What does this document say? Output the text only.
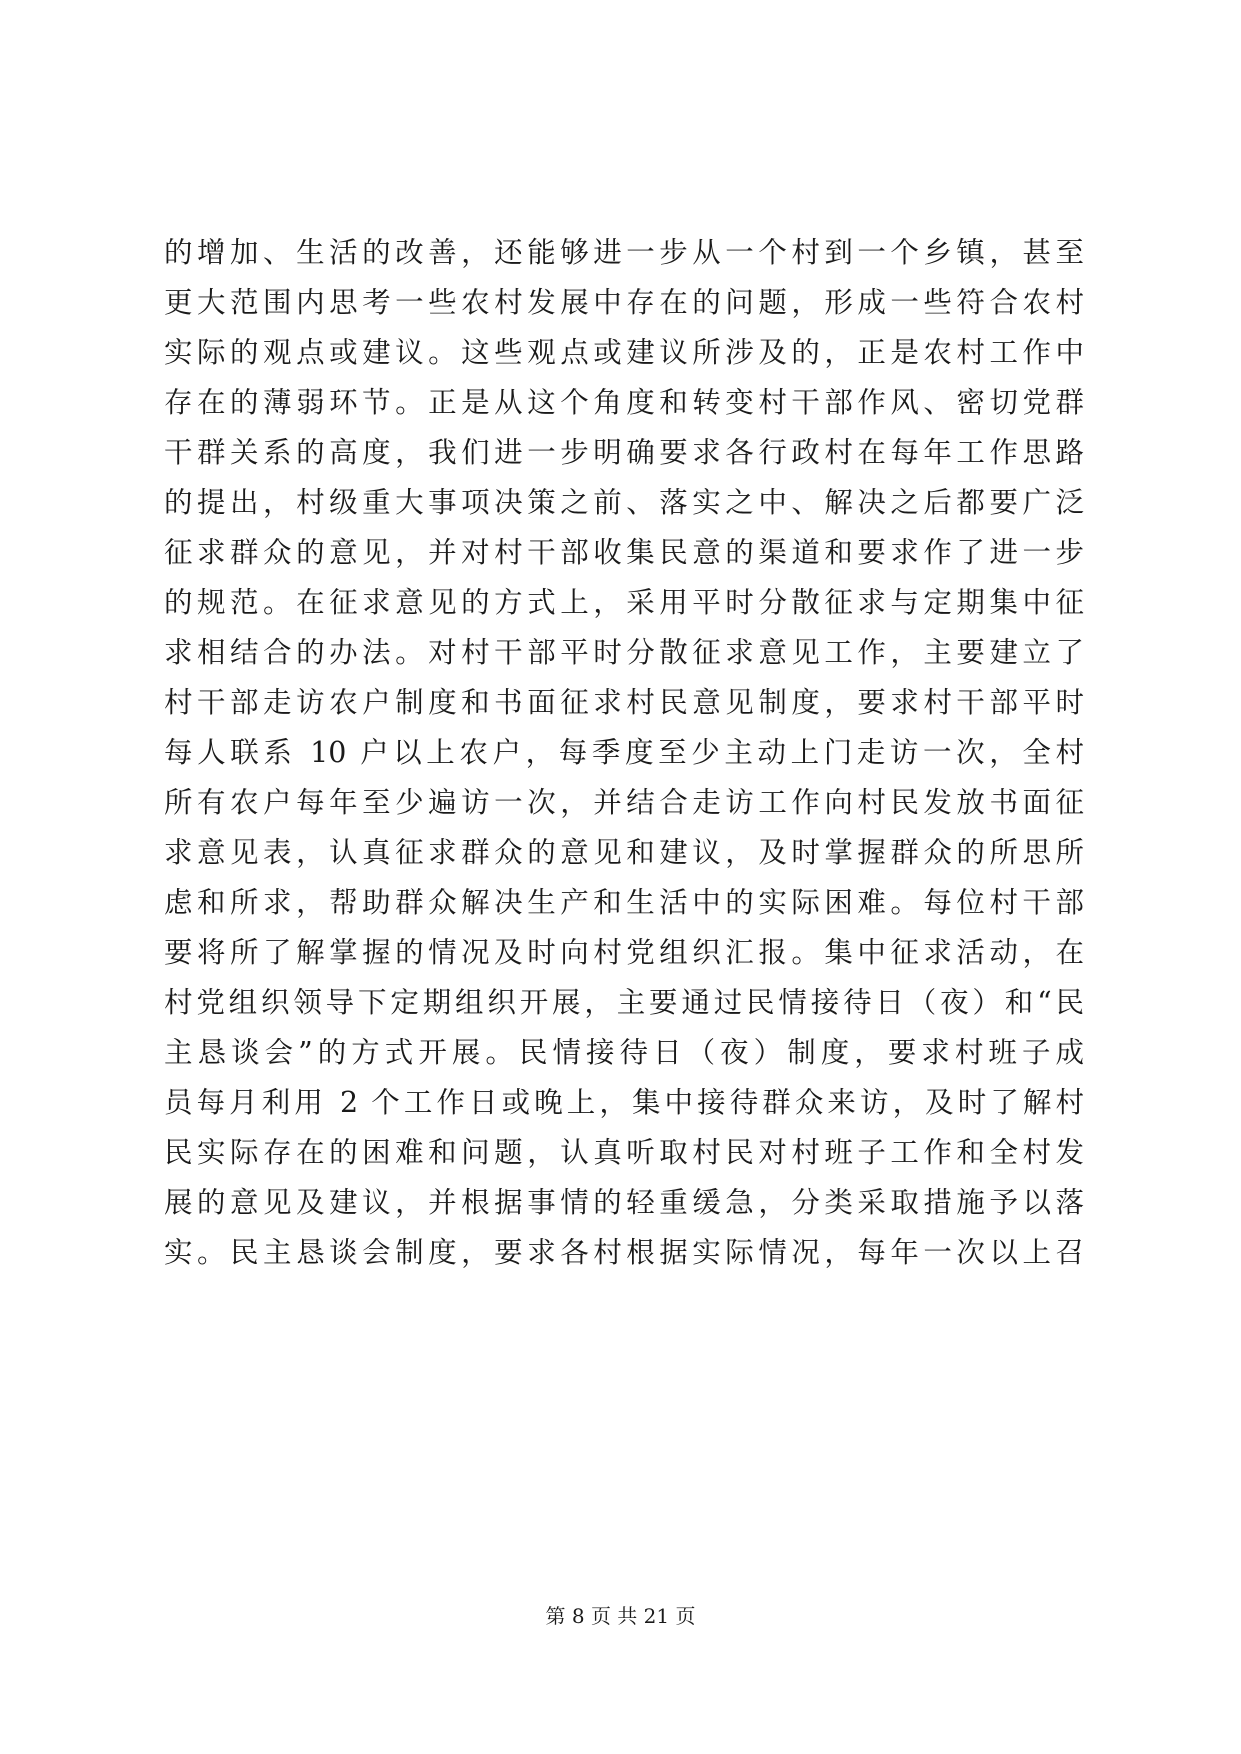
的增加、生活的改善，还能够进一步从一个村到一个乡镇，甚至
更大范围内思考一些农村发展中存在的问题，形成一些符合农村
实际的观点或建议。这些观点或建议所涉及的，正是农村工作中
存在的薄弱环节。正是从这个角度和转变村干部作风、密切党群
干群关系的高度，我们进一步明确要求各行政村在每年工作思路
的提出，村级重大事项决策之前、落实之中、解决之后都要广泛
征求群众的意见，并对村干部收集民意的渠道和要求作了进一步
的规范。在征求意见的方式上，采用平时分散征求与定期集中征
求相结合的办法。对村干部平时分散征求意见工作，主要建立了
村干部走访农户制度和书面征求村民意见制度，要求村干部平时
每人联系 10 户以上农户，每季度至少主动上门走访一次，全村
所有农户每年至少遍访一次，并结合走访工作向村民发放书面征
求意见表，认真征求群众的意见和建议，及时掌握群众的所思所
虑和所求，帮助群众解决生产和生活中的实际困难。每位村干部
要将所了解掌握的情况及时向村党组织汇报。集中征求活动，在
村党组织领导下定期组织开展，主要通过民情接待日（夜）和“民
主恳谈会”的方式开展。民情接待日（夜）制度，要求村班子成
员每月利用 2 个工作日或晚上，集中接待群众来访，及时了解村
民实际存在的困难和问题，认真听取村民对村班子工作和全村发
展的意见及建议，并根据事情的轻重缓急，分类采取措施予以落
实。民主恳谈会制度，要求各村根据实际情况，每年一次以上召
第 8 页 共 21 页
